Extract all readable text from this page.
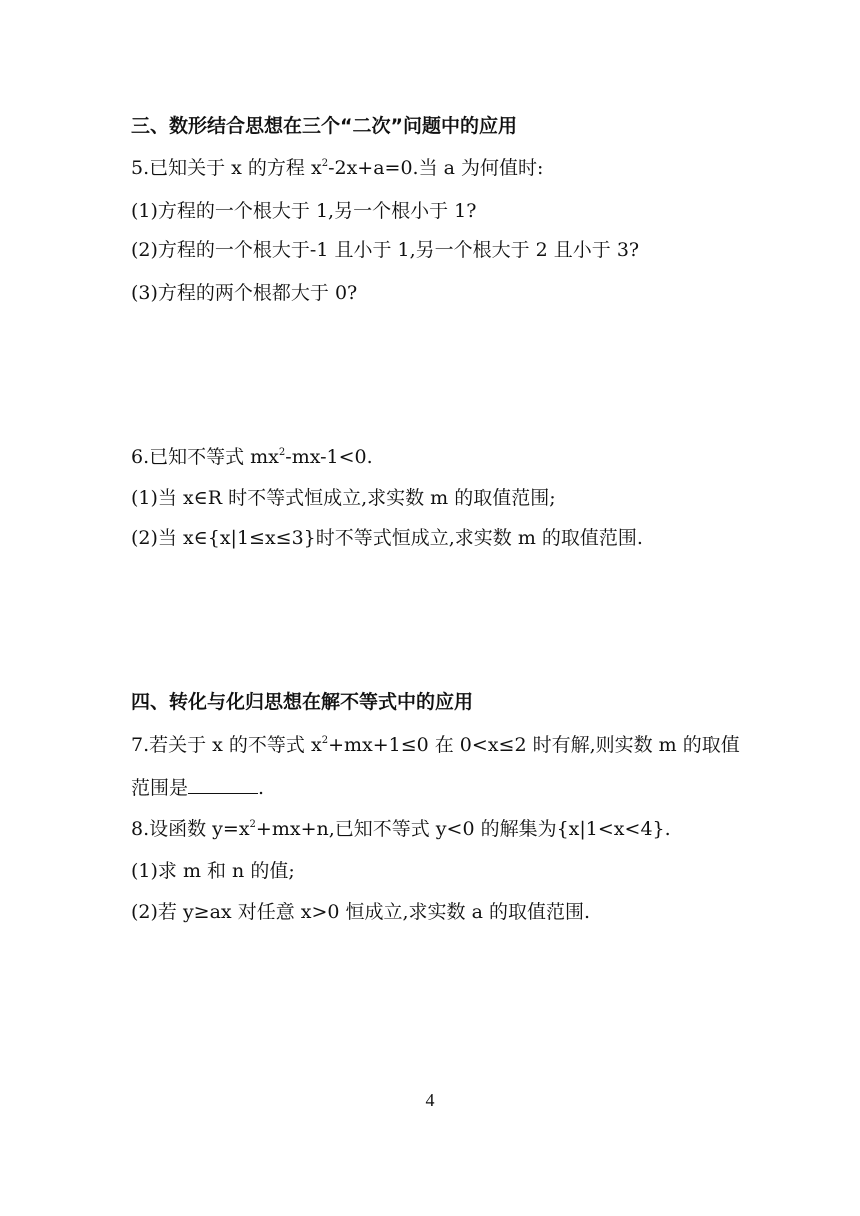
三、数形结合思想在三个“二次”问题中的应用
5.已知关于 x 的方程 $x^2-2x+a=0$.当 a 为何值时:
(1)方程的一个根大于 1,另一个根小于 1?
(2)方程的一个根大于-1 且小于 1,另一个根大于 2 且小于 3?
(3)方程的两个根都大于 0?
6.已知不等式 $mx^2-mx-1<0$.
(1)当 x∈R 时不等式恒成立,求实数 m 的取值范围;
(2)当 x∈{x|1≤x≤3}时不等式恒成立,求实数 m 的取值范围.
四、转化与化归思想在解不等式中的应用
7.若关于 x 的不等式 $x^2+mx+1\le 0$ 在 0<x≤2 时有解,则实数 m 的取值
范围是	.
8.设函数 $y=x^2+mx+n$,已知不等式 y<0 的解集为{x|1<x<4}.
(1)求 m 和 n 的值;
(2)若 y≥ax 对任意 x>0 恒成立,求实数 a 的取值范围.
4
